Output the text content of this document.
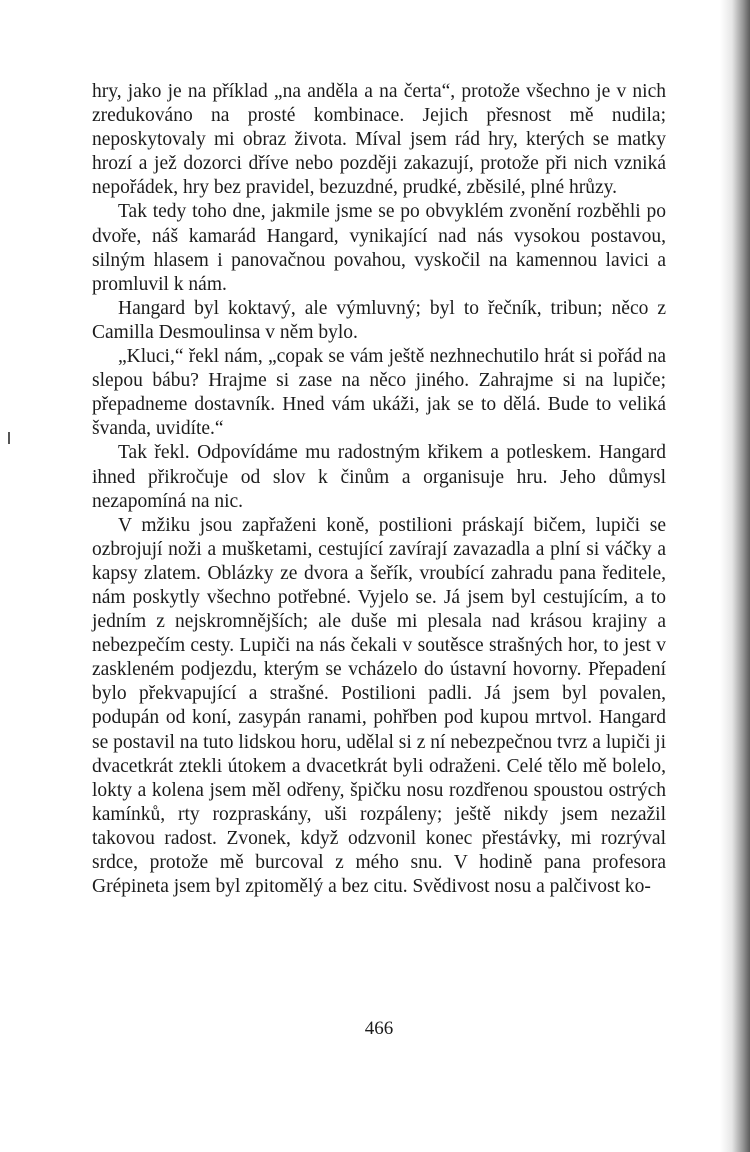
hry, jako je na příklad „na anděla a na čerta“, protože všechno je v nich zredukováno na prosté kombinace. Jejich přesnost mě nudila; neposkytovaly mi obraz života. Míval jsem rád hry, kterých se matky hrozí a jež dozorci dříve nebo později zakazují, protože při nich vzniká nepořádek, hry bez pravidel, bezuzdné, prudké, zběsilé, plné hrůzy.

Tak tedy toho dne, jakmile jsme se po obvyklém zvonění rozběhli po dvoře, náš kamarád Hangard, vynikající nad nás vysokou postavou, silným hlasem i panovačnou povahou, vyskočil na kamennou lavici a promluvil k nám.

Hangard byl koktavý, ale výmluvný; byl to řečník, tribun; něco z Camilla Desmoulinsa v něm bylo.

„Kluci,“ řekl nám, „copak se vám ještě nezhnechutilo hrát si pořád na slepou bábu? Hrajme si zase na něco jiného. Zahrajme si na lupiče; přepadneme dostavník. Hned vám ukáži, jak se to dělá. Bude to veliká švanda, uvidíte.“

Tak řekl. Odpovídáme mu radostným křikem a potleskem. Hangard ihned přikročuje od slov k činům a organisuje hru. Jeho důmysl nezapomíná na nic.

V mžiku jsou zapřaženi koně, postilioni práskají bičem, lupiči se ozbrojují noži a mušketami, cestující zavírají zavazadla a plní si váčky a kapsy zlatem. Oblázky ze dvora a šeřík, vroubící zahradu pana ředitele, nám poskytly všechno potřebné. Vyjelo se. Já jsem byl cestujícím, a to jedním z nejskromnějších; ale duše mi plesala nad krásou krajiny a nebezpečím cesty. Lupiči na nás čekali v soutěsce strašných hor, to jest v zaskleném podjezdu, kterým se vcházelo do ústavní hovorny. Přepadení bylo překvapující a strašné. Postilioni padli. Já jsem byl povalen, podupán od koní, zasypán ranami, pohřben pod kupou mrtvol. Hangard se postavil na tuto lidskou horu, udělal si z ní nebezpečnou tvrz a lupiči ji dvacetkrát ztekli útokem a dvacetkrát byli odraženi. Celé tělo mě bolelo, lokty a kolena jsem měl odřeny, špičku nosu rozdřenou spoustou ostrých kamínků, rty rozpraskány, uši rozpáleny; ještě nikdy jsem nezažil takovou radost. Zvonek, když odzvonil konec přestávky, mi rozrýval srdce, protože mě burcoval z mého snu. V hodině pana profesora Grépineta jsem byl zpitomělý a bez citu. Svědivost nosu a palčivost ko-

466
